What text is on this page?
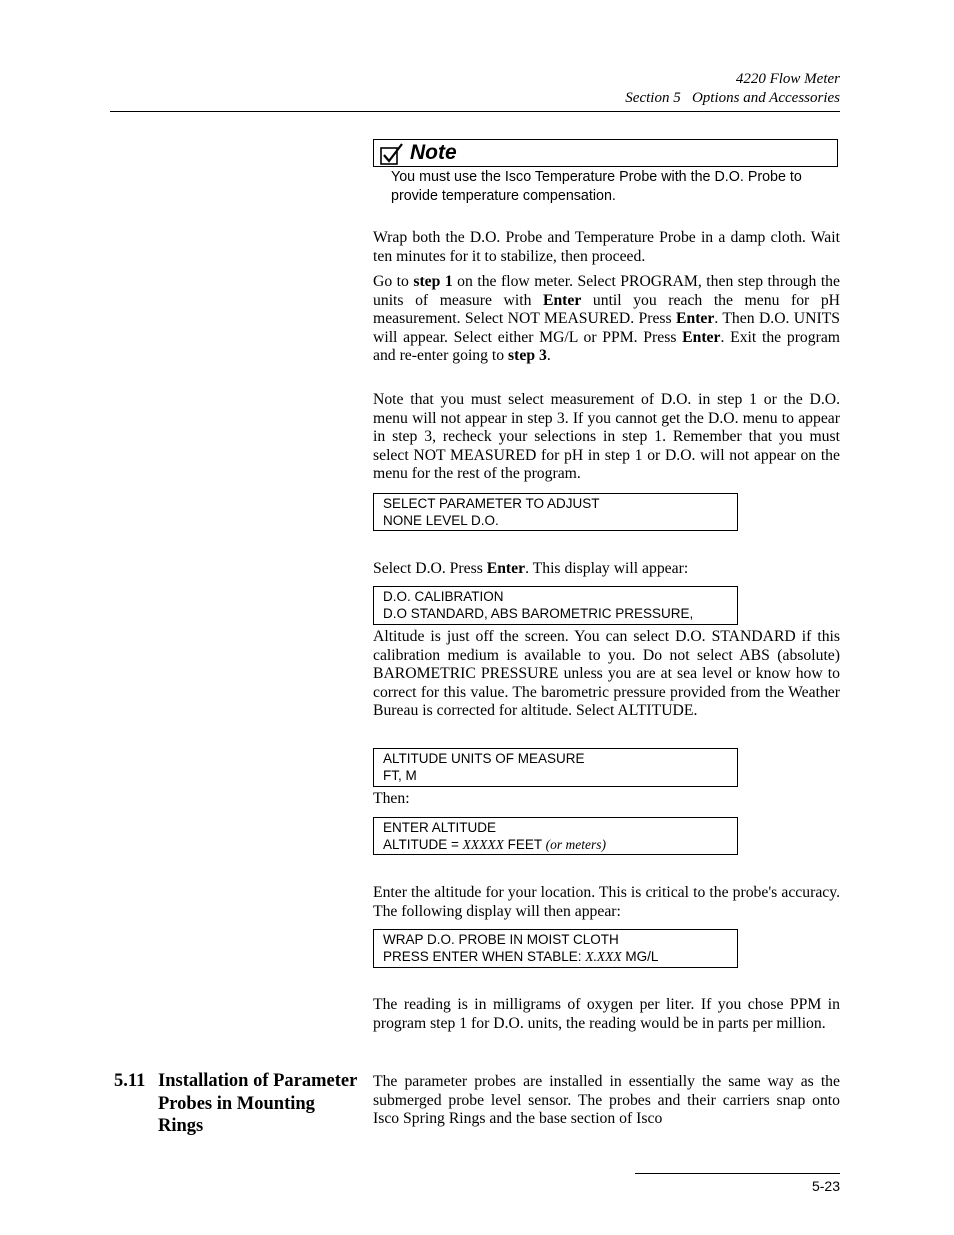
4220 Flow Meter
Section 5   Options and Accessories
Note
You must use the Isco Temperature Probe with the D.O. Probe to provide temperature compensation.

Wrap both the D.O. Probe and Temperature Probe in a damp cloth. Wait ten minutes for it to stabilize, then proceed.

Go to step 1 on the flow meter. Select PROGRAM, then step through the units of measure with Enter until you reach the menu for pH measurement. Select NOT MEASURED. Press Enter. Then D.O. UNITS will appear. Select either MG/L or PPM. Press Enter. Exit the program and re-enter going to step 3.

Note that you must select measurement of D.O. in step 1 or the D.O. menu will not appear in step 3. If you cannot get the D.O. menu to appear in step 3, recheck your selections in step 1. Remember that you must select NOT MEASURED for pH in step 1 or D.O. will not appear on the menu for the rest of the program.

SELECT PARAMETER TO ADJUST
NONE LEVEL D.O.

Select D.O. Press Enter. This display will appear:

D.O. CALIBRATION
D.O STANDARD, ABS BAROMETRIC PRESSURE,

Altitude is just off the screen. You can select D.O. STANDARD if this calibration medium is available to you. Do not select ABS (absolute) BAROMETRIC PRESSURE unless you are at sea level or know how to correct for this value. The barometric pressure provided from the Weather Bureau is corrected for altitude. Select ALTITUDE.

ALTITUDE UNITS OF MEASURE
FT, M

Then:

ENTER ALTITUDE
ALTITUDE = XXXXX FEET (or meters)

Enter the altitude for your location. This is critical to the probe's accuracy. The following display will then appear:

WRAP D.O. PROBE IN MOIST CLOTH
PRESS ENTER WHEN STABLE: X.XXX MG/L

The reading is in milligrams of oxygen per liter. If you chose PPM in program step 1 for D.O. units, the reading would be in parts per million.

5.11 Installation of Parameter Probes in Mounting Rings

The parameter probes are installed in essentially the same way as the submerged probe level sensor. The probes and their carriers snap onto Isco Spring Rings and the base section of Isco

5-23
